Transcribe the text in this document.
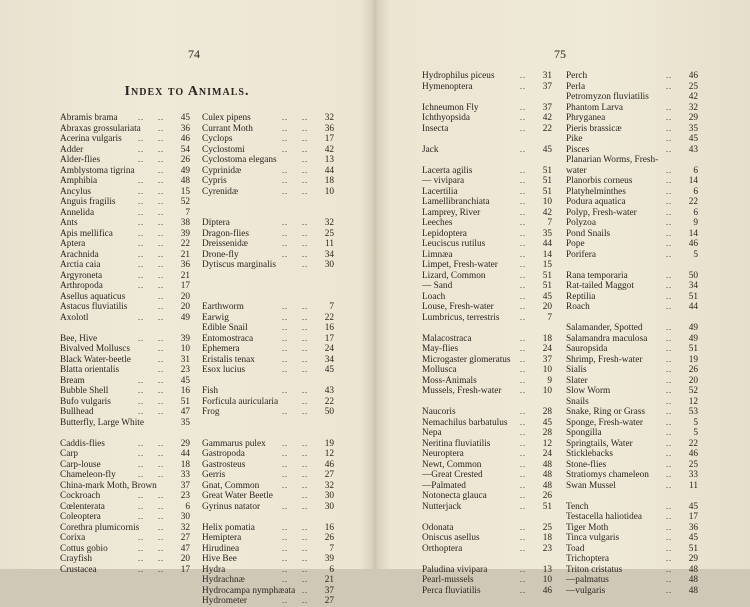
74
Index to Animals.
Abramis brama	.. .. 45
Abraxas grossulariata .. 36
Acerina vulgaris .. .. 46
Adder	.. .. 54
Alder-flies	.. .. 26
Amblystoma tigrina	.. 49
Amphibia	.. .. 48
Ancylus	.. .. 15
Anguis fragilis	.. .. 52
Annelida	.. .. 7
Ants	.. .. 38
Apis mellifica	.. .. 39
Aptera	.. .. 22
Arachnida	.. .. 21
Arctia caia	.. .. 36
Argyroneta	.. .. 21
Arthropoda	.. .. 17
Asellus aquaticus	.. 20
Astacus fluviatilis	.. 20
Axolotl	.. .. 49
Bee, Hive	.. .. 39
Bivalved Molluscs	.. 10
Black Water-beetle	.. 31
Blatta orientalis	.. 23
Bream	.. .. 45
Bubble Shell	.. .. 16
Bufo vulgaris	.. .. 51
Bullhead	.. .. 47
Butterfly, Large White	35
Caddis-flies	.. .. 29
Carp	.. .. 44
Carp-louse	.. .. 18
Chameleon-fly	.. .. 33
China-mark Moth, Brown	37
Cockroach	.. .. 23
Cœlenterata	.. .. 6
Coleoptera	.. .. 30
Corethra plumicornis .. 32
Corixa	.. .. 27
Cottus gobio	.. .. 47
Crayfish	.. .. 20
Crustacea	.. .. 17
Culex pipens	.. .. 32
Currant Moth	.. .. 36
Cyclops	.. .. 17
Cyclostomi	.. .. 42
Cyclostoma elegans	.. 13
Cyprinidæ	.. .. 44
Cypris	.. .. 18
Cyrenidæ	.. .. 10
Diptera	.. .. 32
Dragon-flies	.. .. 25
Dreissenidæ	.. .. 11
Drone-fly	.. .. 34
Dytiscus marginalis	.. 30
Earthworm	.. .. 7
Earwig	.. .. 22
Edible Snail	.. .. 16
Entomostraca	.. .. 17
Ephemera	.. .. 24
Eristalis tenax	.. .. 34
Esox lucius	.. .. 45
Fish	.. .. 43
Forficula auricularia	.. 22
Frog	.. .. 50
Gammarus pulex .. .. 19
Gastropoda	.. .. 12
Gastrosteus	.. .. 46
Gerris	.. .. 27
Gnat, Common	.. .. 32
Great Water Beetle	.. 30
Gyrinus natator	.. .. 30
Helix pomatia	.. .. 16
Hemiptera	.. .. 26
Hirudinea	.. .. 7
Hive Bee	.. .. 39
Hydra	.. .. 6
Hydrachnæ	.. .. 21
Hydrocampa nymphæata .. 37
Hydrometer	.. .. 27
75
Hydrophilus piceus	.. 31
Hymenoptera	.. 37
Ichneumon Fly	.. 37
Ichthyopsida	.. 42
Insecta	.. 22
Jack	.. 45
Lacerta agilis	.. 51
— vivipara	.. 51
Lacertilia	.. 51
Lamellibranchiata	.. 10
Lamprey, River	.. 42
Leeches	.. 7
Lepidoptera	.. 35
Leuciscus rutilus	.. 44
Limnæa	.. 14
Limpet, Fresh-water	.. 15
Lizard, Common	.. 51
— Sand	.. 51
Loach	.. 45
Louse, Fresh-water	.. 20
Lumbricus, terrestris	.. 7
Malacostraca	.. 18
May-flies	.. 24
Microgaster glomeratus .. 37
Mollusca	.. 10
Moss-Animals	.. 9
Mussels, Fresh-water .. 10
Naucoris	.. 28
Nemachilus barbatulus .. 45
Nepa	.. 28
Neritina fluviatilis	.. 12
Neuroptera	.. 24
Newt, Common	.. 48
—Great Crested	.. 48
—Palmated	.. 48
Notonecta glauca	.. 26
Nutterjack	.. 51
Odonata	.. 25
Oniscus asellus	.. 18
Orthoptera	.. 23
Paludina vivipara	.. 13
Pearl-mussels	.. 10
Perca fluviatilis	.. 46
Perch	.. 46
Perla	.. 25
Petromyzon fluviatilis	42
Phantom Larva	.. 32
Phryganea	.. 29
Pieris brassicæ	.. 35
Pike	.. 45
Pisces	.. 43
Planarian Worms, Fresh-
water	.. 6
Planorbis corneus	.. 14
Platyhelminthes	.. 6
Podura aquatica	.. 22
Polyp, Fresh-water	.. 6
Polyzoa	.. 9
Pond Snails	.. 14
Pope	.. 46
Porifera	.. 5
Rana temporaria	.. 50
Rat-tailed Maggot	.. 34
Reptilia	.. 51
Roach	.. 44
Salamander, Spotted	.. 49
Salamandra maculosa .. 49
Sauropsida	.. 51
Shrimp, Fresh-water	.. 19
Sialis	.. 26
Slater	.. 20
Slow Worm	.. 52
Snails	.. 12
Snake, Ring or Grass	.. 53
Sponge, Fresh-water	.. 5
Spongilla	.. 5
Springtails, Water	.. 22
Sticklebacks	.. 46
Stone-flies	.. 25
Stratiomys chameleon .. 33
Swan Mussel	.. 11
Tench	.. 45
Testacella haliotidea	.. 17
Tiger Moth	.. 36
Tinca vulgaris	.. 45
Toad	.. 51
Trichoptera	.. 29
Triton cristatus	.. 48
—palmatus	.. 48
—vulgaris	.. 48
